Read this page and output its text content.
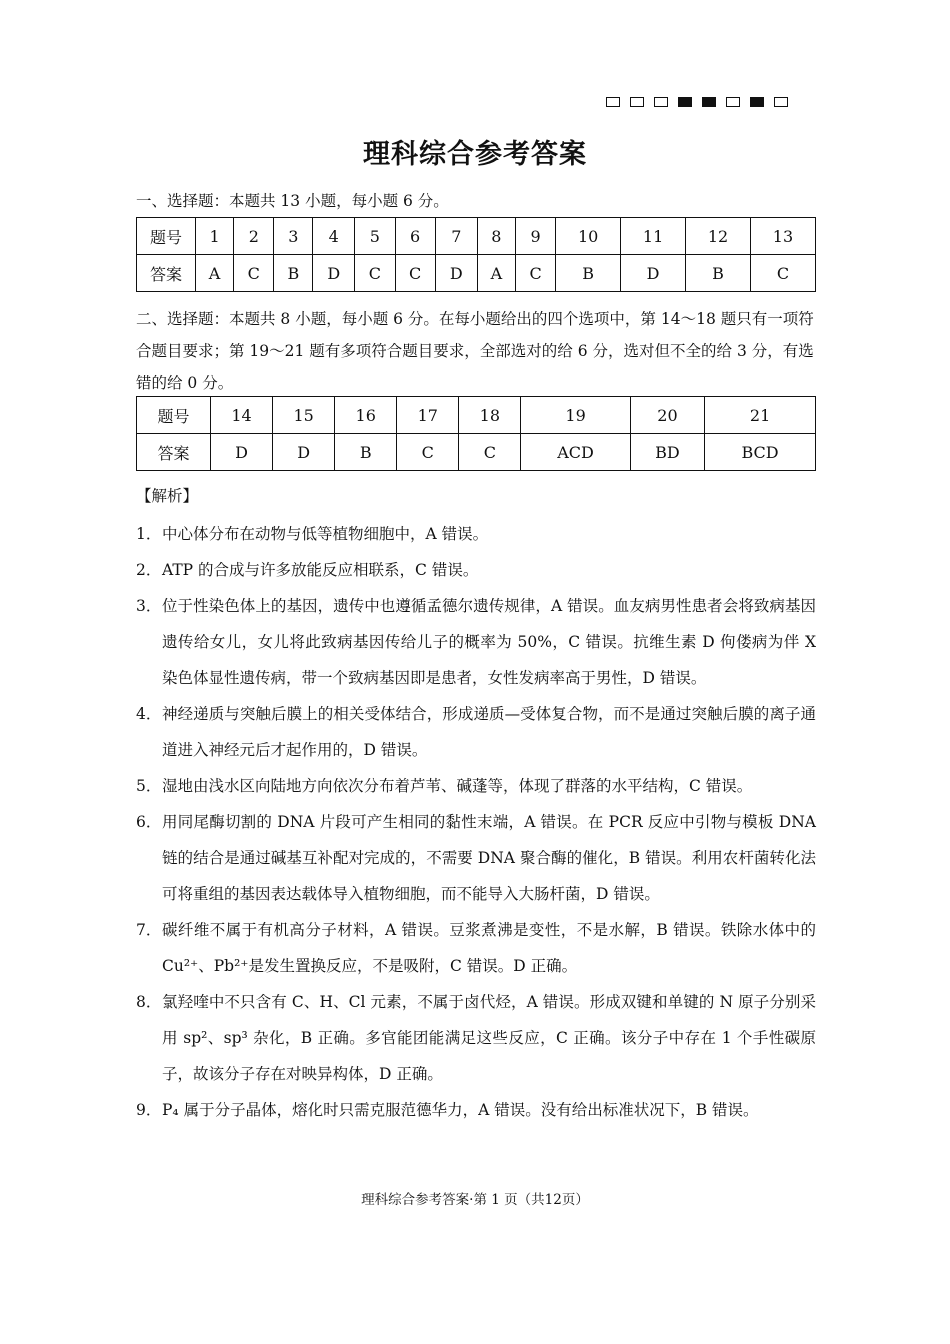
理科综合参考答案
一、选择题：本题共 13 小题，每小题 6 分。
题号	1	2	3	4	5	6	7	8	9	10	11	12	13
答案	A	C	B	D	C	C	D	A	C	B	D	B	C
二、选择题：本题共 8 小题，每小题 6 分。在每小题给出的四个选项中，第 14～18 题只有一项符合题目要求；第 19～21 题有多项符合题目要求，全部选对的给 6 分，选对但不全的给 3 分，有选错的给 0 分。
题号	14	15	16	17	18	19	20	21
答案	D	D	B	C	C	ACD	BD	BCD
【解析】
1． 中心体分布在动物与低等植物细胞中，A 错误。
2． ATP 的合成与许多放能反应相联系，C 错误。
3． 位于性染色体上的基因，遗传中也遵循孟德尔遗传规律，A 错误。血友病男性患者会将致病基因遗传给女儿，女儿将此致病基因传给儿子的概率为 50%，C 错误。抗维生素 D 佝偻病为伴 X 染色体显性遗传病，带一个致病基因即是患者，女性发病率高于男性，D 错误。
4． 神经递质与突触后膜上的相关受体结合，形成递质—受体复合物，而不是通过突触后膜的离子通道进入神经元后才起作用的，D 错误。
5． 湿地由浅水区向陆地方向依次分布着芦苇、碱蓬等，体现了群落的水平结构，C 错误。
6． 用同尾酶切割的 DNA 片段可产生相同的黏性末端，A 错误。在 PCR 反应中引物与模板 DNA 链的结合是通过碱基互补配对完成的，不需要 DNA 聚合酶的催化，B 错误。利用农杆菌转化法可将重组的基因表达载体导入植物细胞，而不能导入大肠杆菌，D 错误。
7． 碳纤维不属于有机高分子材料，A 错误。豆浆煮沸是变性，不是水解，B 错误。铁除水体中的 Cu²⁺、Pb²⁺是发生置换反应，不是吸附，C 错误。D 正确。
8． 氯羟喹中不只含有 C、H、Cl 元素，不属于卤代烃，A 错误。形成双键和单键的 N 原子分别采用 sp²、sp³ 杂化，B 正确。多官能团能满足这些反应，C 正确。该分子中存在 1 个手性碳原子，故该分子存在对映异构体，D 正确。
9． P₄ 属于分子晶体，熔化时只需克服范德华力，A 错误。没有给出标准状况下，B 错误。
理科综合参考答案·第 1 页（共12页）
